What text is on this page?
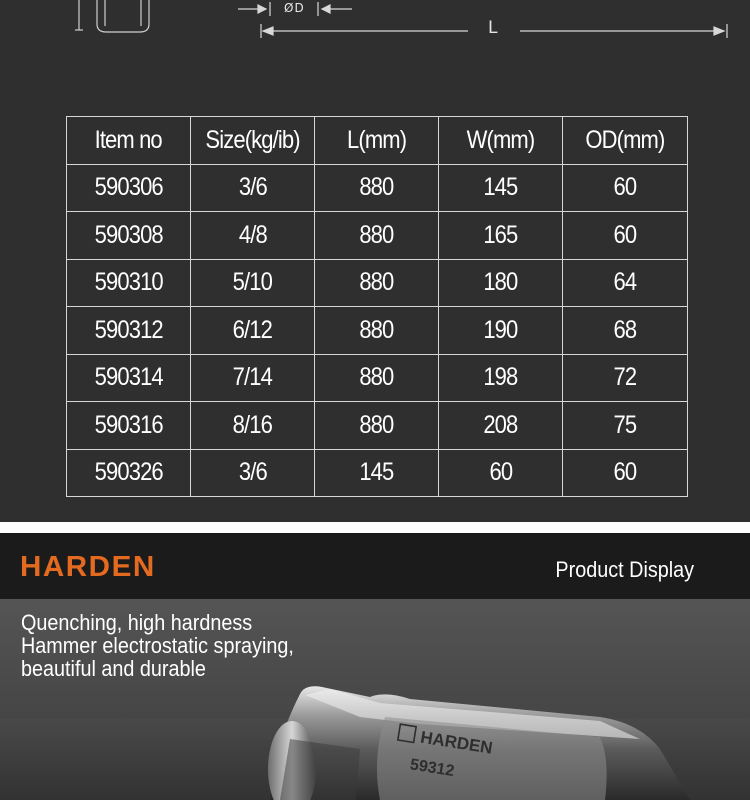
ØD
L
Item no	Size(kg/ib)	L(mm)	W(mm)	OD(mm)
590306	3/6	880	145	60
590308	4/8	880	165	60
590310	5/10	880	180	64
590312	6/12	880	190	68
590314	7/14	880	198	72
590316	8/16	880	208	75
590326	3/6	145	60	60
HARDEN	Product Display
HARDEN
59312
Quenching, high hardness
Hammer electrostatic spraying,
beautiful and durable
